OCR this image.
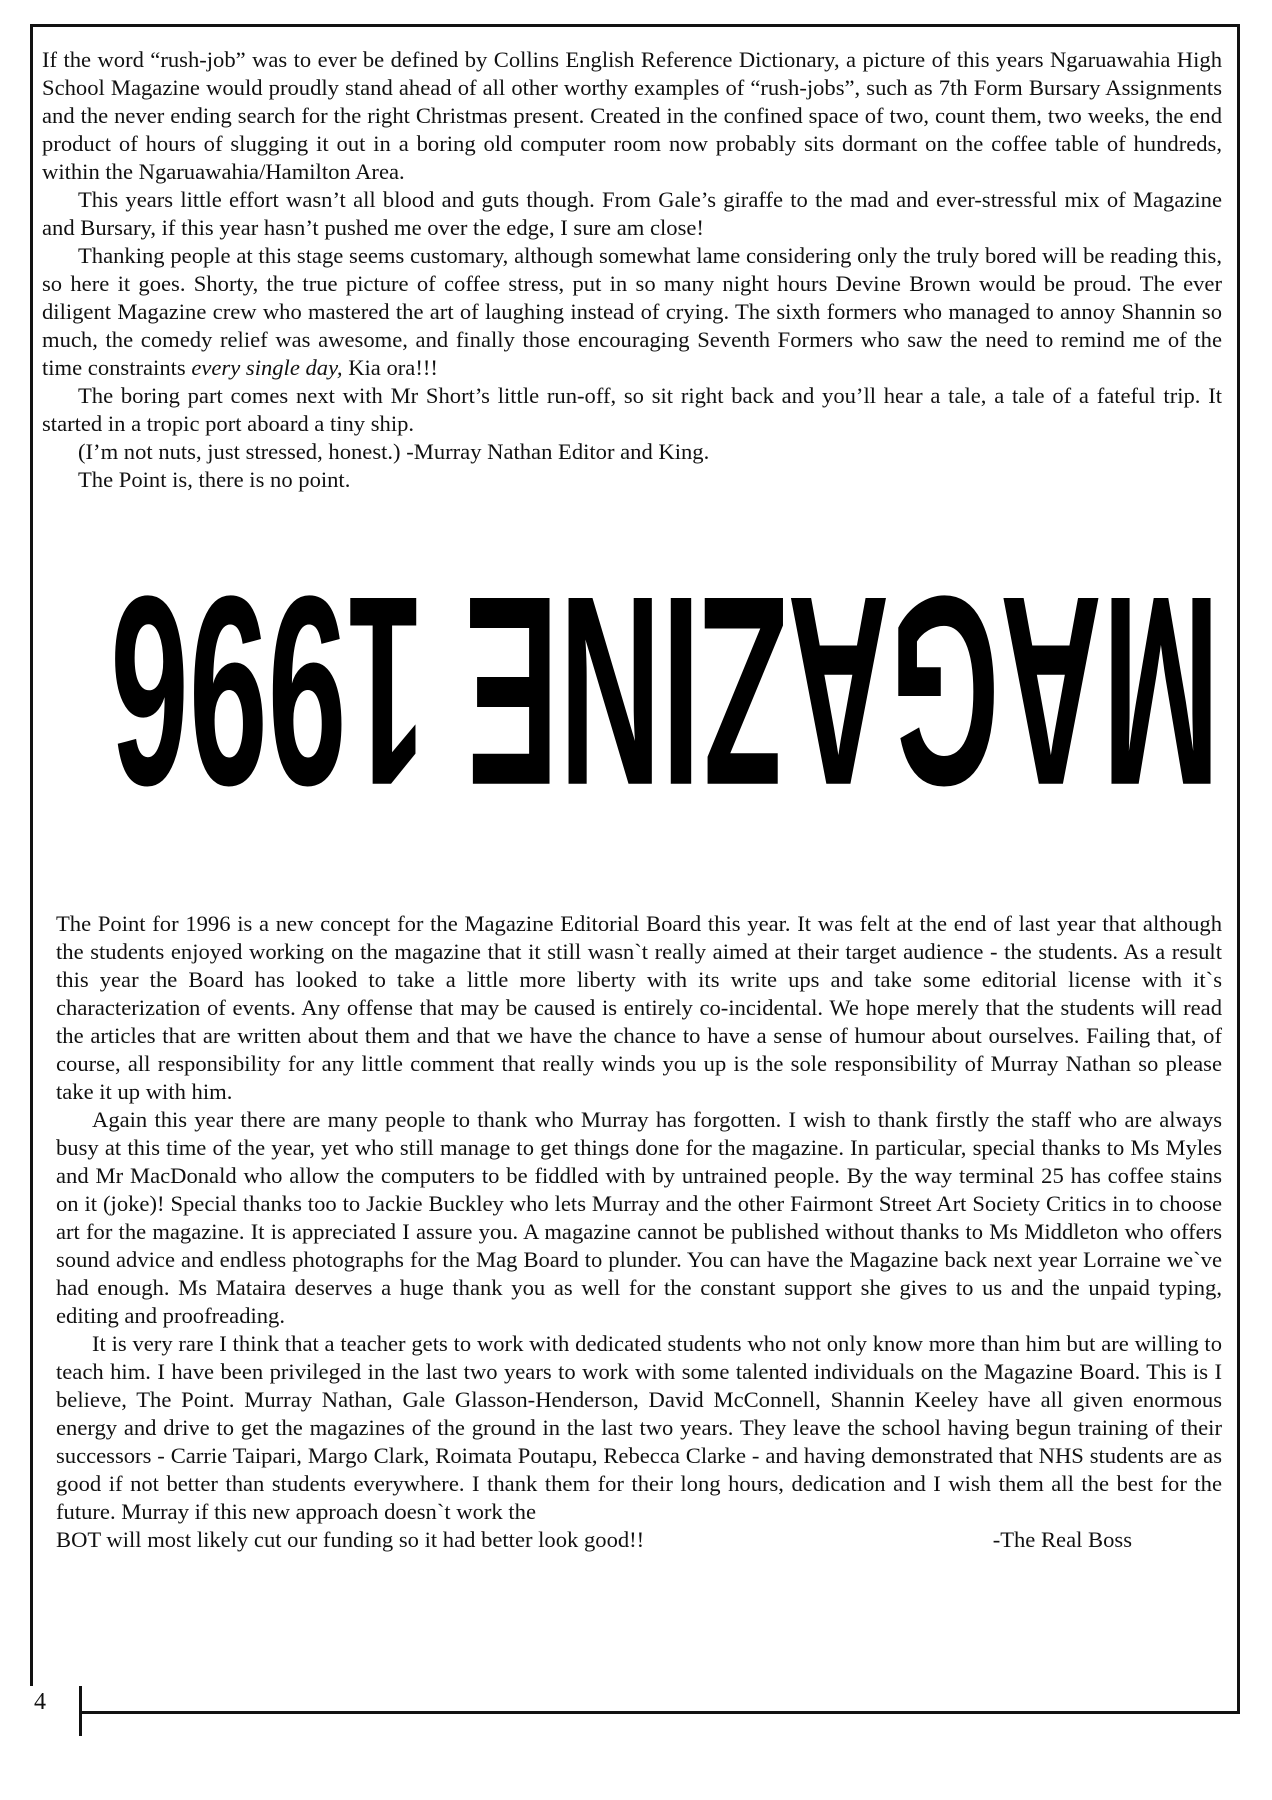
4

If the word “rush-job” was to ever be defined by Collins English Reference Dictionary, a picture of this years Ngaruawahia High School Magazine would proudly stand ahead of all other worthy examples of “rush-jobs”, such as 7th Form Bursary Assignments and the never ending search for the right Christmas present. Created in the confined space of two, count them, two weeks, the end product of hours of slugging it out in a boring old computer room now probably sits dormant on the coffee table of hundreds, within the Ngaruawahia/Hamilton Area.

This years little effort wasn’t all blood and guts though. From Gale’s giraffe to the mad and ever-stressful mix of Magazine and Bursary, if this year hasn’t pushed me over the edge, I sure am close!

Thanking people at this stage seems customary, although somewhat lame considering only the truly bored will be reading this, so here it goes. Shorty, the true picture of coffee stress, put in so many night hours Devine Brown would be proud. The ever diligent Magazine crew who mastered the art of laughing instead of crying. The sixth formers who managed to annoy Shannin so much, the comedy relief was awesome, and finally those encouraging Seventh Formers who saw the need to remind me of the time constraints every single day, Kia ora!!!

The boring part comes next with Mr Short’s little run-off, so sit right back and you’ll hear a tale, a tale of a fateful trip. It started in a tropic port aboard a tiny ship.

(I’m not nuts, just stressed, honest.) -Murray Nathan Editor and King.

The Point is, there is no point.

MAGAZINE 1996

The Point for 1996 is a new concept for the Magazine Editorial Board this year. It was felt at the end of last year that although the students enjoyed working on the magazine that it still wasn`t really aimed at their target audience - the students. As a result this year the Board has looked to take a little more liberty with its write ups and take some editorial license with it`s characterization of events. Any offense that may be caused is entirely co-incidental. We hope merely that the students will read the articles that are written about them and that we have the chance to have a sense of humour about ourselves. Failing that, of course, all responsibility for any little comment that really winds you up is the sole responsibility of Murray Nathan so please take it up with him.

Again this year there are many people to thank who Murray has forgotten. I wish to thank firstly the staff who are always busy at this time of the year, yet who still manage to get things done for the magazine. In particular, special thanks to Ms Myles and Mr MacDonald who allow the computers to be fiddled with by untrained people. By the way terminal 25 has coffee stains on it (joke)! Special thanks too to Jackie Buckley who lets Murray and the other Fairmont Street Art Society Critics in to choose art for the magazine. It is appreciated I assure you. A magazine cannot be published without thanks to Ms Middleton who offers sound advice and endless photographs for the Mag Board to plunder. You can have the Magazine back next year Lorraine we`ve had enough. Ms Mataira deserves a huge thank you as well for the constant support she gives to us and the unpaid typing, editing and proofreading.

It is very rare I think that a teacher gets to work with dedicated students who not only know more than him but are willing to teach him. I have been privileged in the last two years to work with some talented individuals on the Magazine Board. This is I believe, The Point. Murray Nathan, Gale Glasson-Henderson, David McConnell, Shannin Keeley have all given enormous energy and drive to get the magazines of the ground in the last two years. They leave the school having begun training of their successors - Carrie Taipari, Margo Clark, Roimata Poutapu, Rebecca Clarke - and having demonstrated that NHS students are as good if not better than students everywhere. I thank them for their long hours, dedication and I wish them all the best for the future. Murray if this new approach doesn`t work the

BOT will most likely cut our funding so it had better look good!!	-The Real Boss
